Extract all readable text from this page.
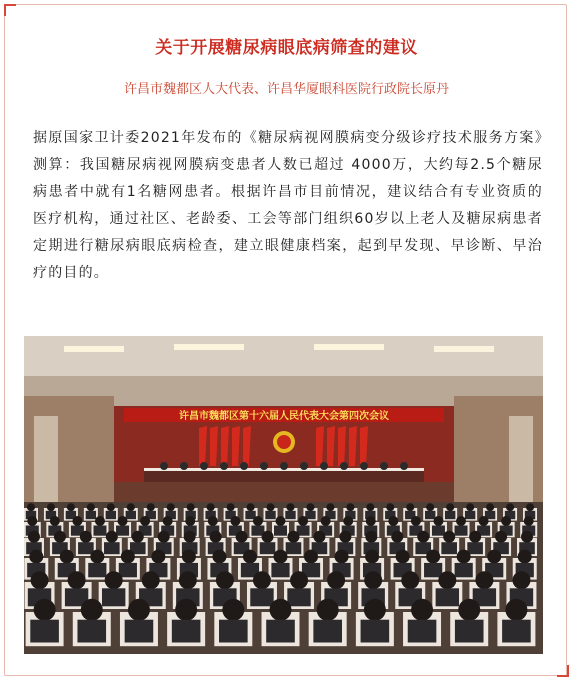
关于开展糖尿病眼底病筛查的建议
许昌市魏都区人大代表、许昌华厦眼科医院行政院长原丹
据原国家卫计委2021年发布的《糖尿病视网膜病变分级诊疗技术服务方案》测算：我国糖尿病视网膜病变患者人数已超过 4000万，大约每2.5个糖尿病患者中就有1名糖网患者。根据许昌市目前情况，建议结合有专业资质的医疗机构，通过社区、老龄委、工会等部门组织60岁以上老人及糖尿病患者定期进行糖尿病眼底病检查，建立眼健康档案，起到早发现、早诊断、早治疗的目的。
许昌市魏都区第十六届人民代表大会第四次会议
